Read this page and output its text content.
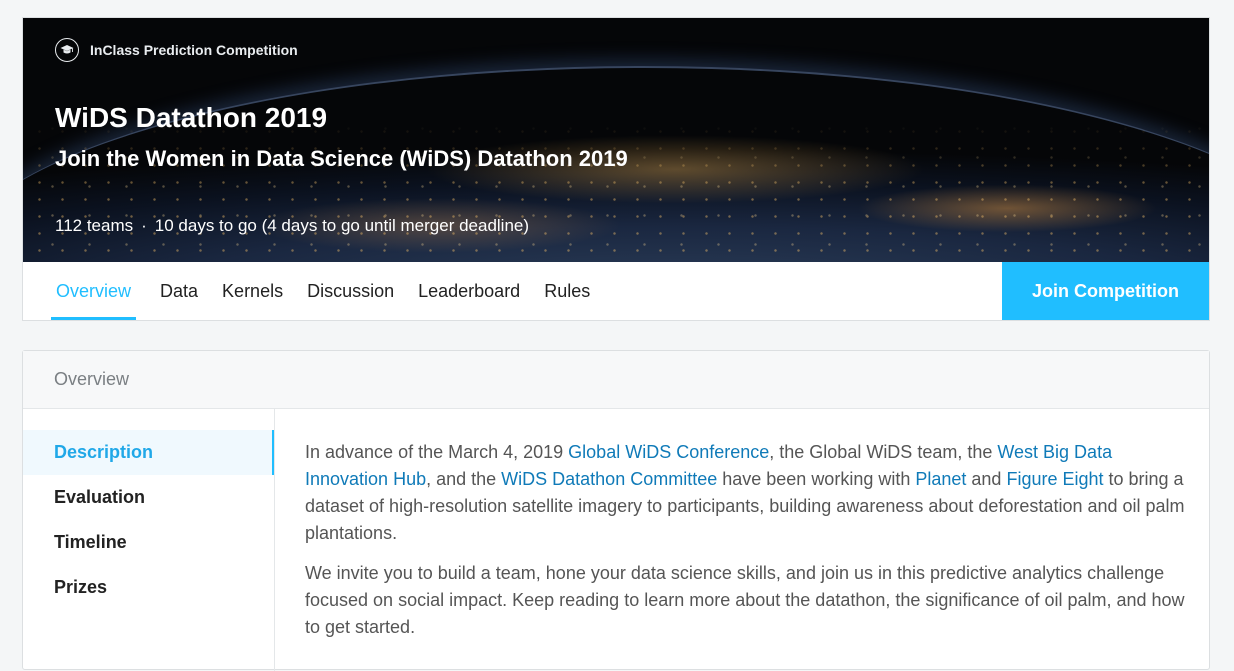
InClass Prediction Competition
WiDS Datathon 2019
Join the Women in Data Science (WiDS) Datathon 2019
112 teams · 10 days to go (4 days to go until merger deadline)
Overview Data Kernels Discussion Leaderboard Rules	Join Competition
Overview
Description
Evaluation
Timeline
Prizes

In advance of the March 4, 2019 Global WiDS Conference, the Global WiDS team, the West Big Data Innovation Hub, and the WiDS Datathon Committee have been working with Planet and Figure Eight to bring a dataset of high-resolution satellite imagery to participants, building awareness about deforestation and oil palm plantations.

We invite you to build a team, hone your data science skills, and join us in this predictive analytics challenge focused on social impact. Keep reading to learn more about the datathon, the significance of oil palm, and how to get started.
